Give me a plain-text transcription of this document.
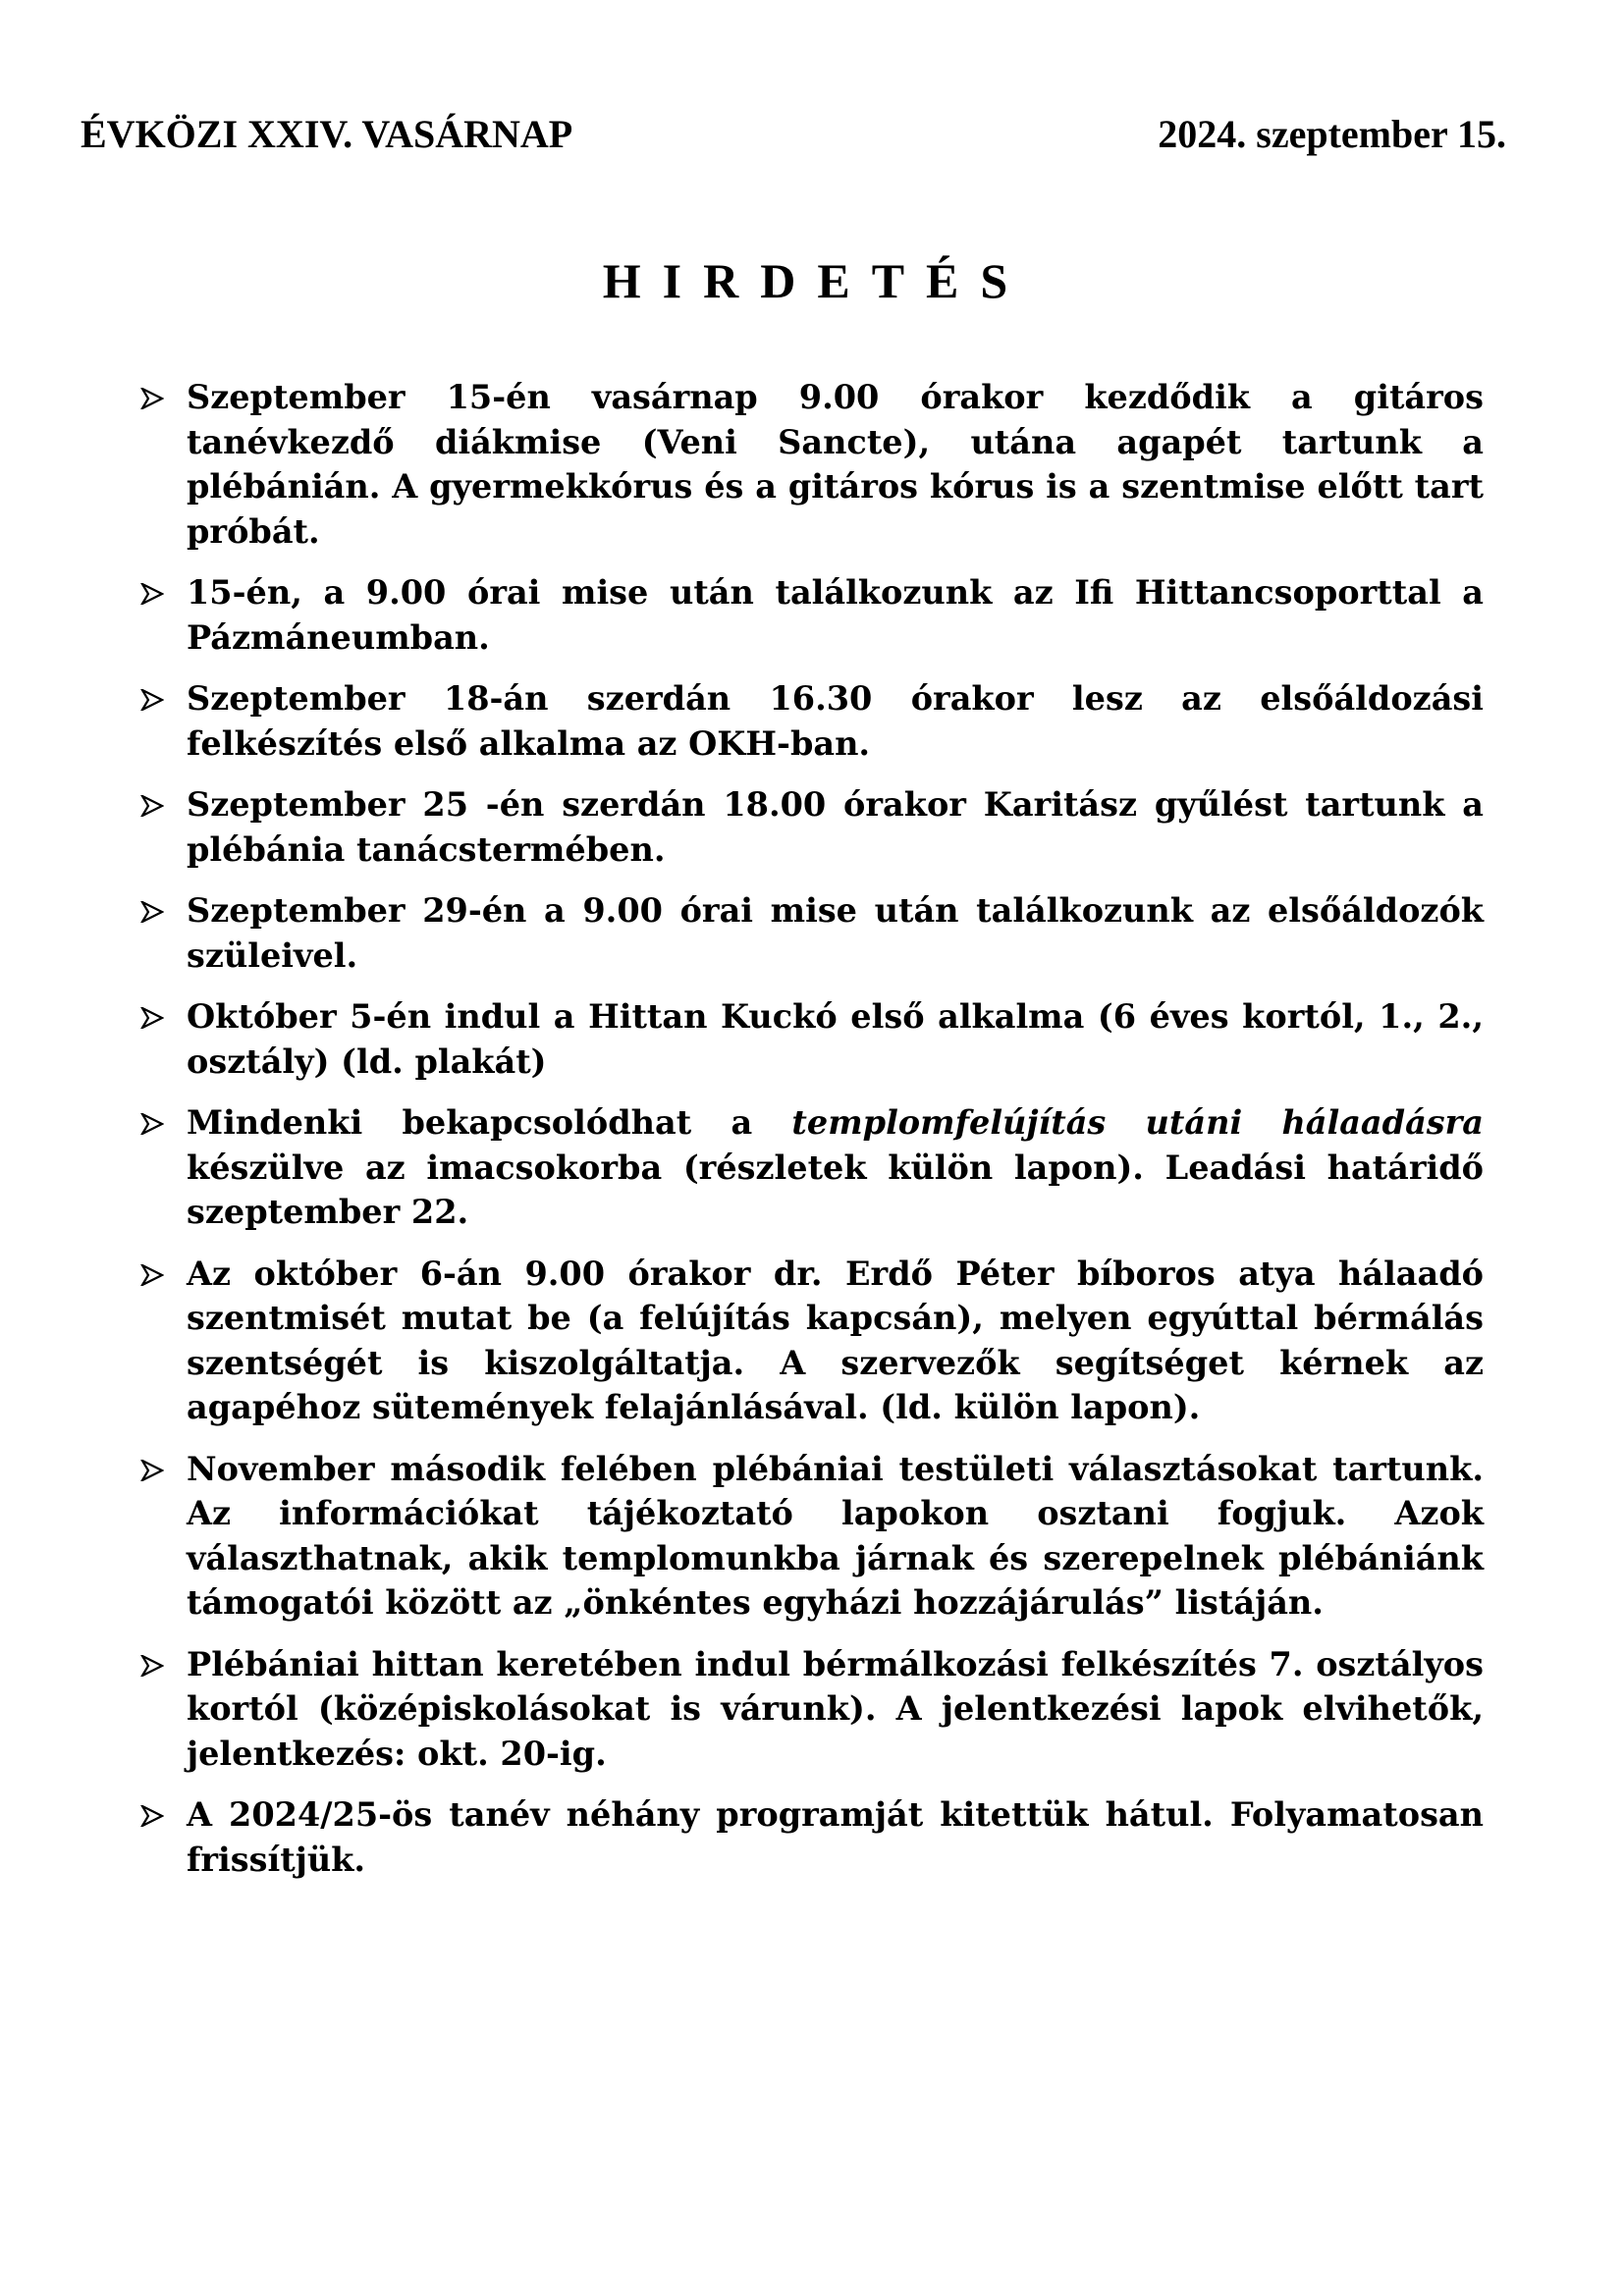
ÉVKÖZI XXIV. VASÁRNAP	2024. szeptember 15.
HIRDETÉS
Szeptember 15-én vasárnap 9.00 órakor kezdődik a gitáros tanévkezdő diákmise (Veni Sancte), utána agapét tartunk a plébánián. A gyermekkórus és a gitáros kórus is a szentmise előtt tart próbát.
15-én, a 9.00 órai mise után találkozunk az Ifi Hittancsoporttal a Pázmáneumban.
Szeptember 18-án szerdán 16.30 órakor lesz az elsőáldozási felkészítés első alkalma az OKH-ban.
Szeptember 25 -én szerdán 18.00 órakor Karitász gyűlést tartunk a plébánia tanácstermében.
Szeptember 29-én a 9.00 órai mise után találkozunk az elsőáldozók szüleivel.
Október 5-én indul a Hittan Kuckó első alkalma (6 éves kortól, 1., 2., osztály) (ld. plakát)
Mindenki bekapcsolódhat a templomfelújítás utáni hálaadásra készülve az imacsokorba (részletek külön lapon). Leadási határidő szeptember 22.
Az október 6-án 9.00 órakor dr. Erdő Péter bíboros atya hálaadó szentmisét mutat be (a felújítás kapcsán), melyen egyúttal bérmálás szentségét is kiszolgáltatja. A szervezők segítséget kérnek az agapéhoz sütemények felajánlásával. (ld. külön lapon).
November második felében plébániai testületi választásokat tartunk. Az információkat tájékoztató lapokon osztani fogjuk. Azok választhatnak, akik templomunkba járnak és szerepelnek plébániánk támogatói között az „önkéntes egyházi hozzájárulás” listáján.
Plébániai hittan keretében indul bérmálkozási felkészítés 7. osztályos kortól (középiskolásokat is várunk). A jelentkezési lapok elvihetők, jelentkezés: okt. 20-ig.
A 2024/25-ös tanév néhány programját kitettük hátul. Folyamatosan frissítjük.
